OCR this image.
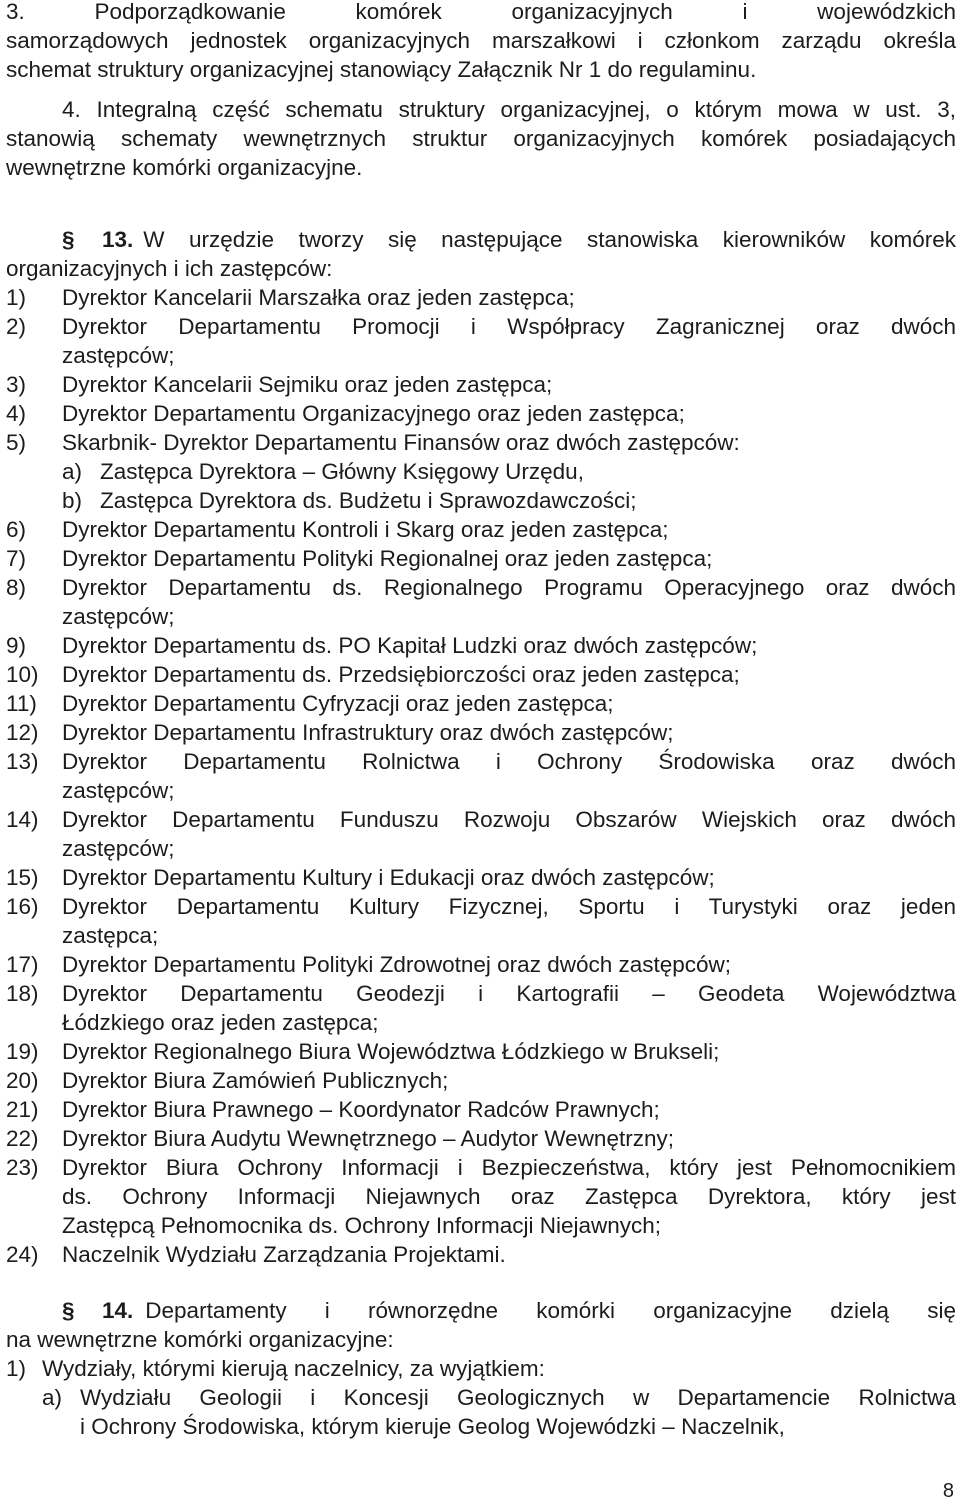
3. Podporządkowanie komórek organizacyjnych i wojewódzkich
samorządowych jednostek organizacyjnych marszałkowi i członkom zarządu określa
schemat struktury organizacyjnej stanowiący Załącznik Nr 1 do regulaminu.
4. Integralną część schematu struktury organizacyjnej, o którym mowa w ust. 3,
stanowią schematy wewnętrznych struktur organizacyjnych komórek posiadających
wewnętrzne komórki organizacyjne.
§	13. W urzędzie tworzy się następujące stanowiska kierowników komórek
organizacyjnych i ich zastępców:
1) Dyrektor Kancelarii Marszałka oraz jeden zastępca;
2)	Dyrektor Departamentu Promocji i Współpracy Zagranicznej oraz dwóch
zastępców;
3) Dyrektor Kancelarii Sejmiku oraz jeden zastępca;
4) Dyrektor Departamentu Organizacyjnego oraz jeden zastępca;
5) Skarbnik- Dyrektor Departamentu Finansów oraz dwóch zastępców:
a) Zastępca Dyrektora – Główny Księgowy Urzędu,
b) Zastępca Dyrektora ds. Budżetu i Sprawozdawczości;
6) Dyrektor Departamentu Kontroli i Skarg oraz jeden zastępca;
7) Dyrektor Departamentu Polityki Regionalnej oraz jeden zastępca;
8)	Dyrektor Departamentu ds. Regionalnego Programu Operacyjnego oraz dwóch
zastępców;
9) Dyrektor Departamentu ds. PO Kapitał Ludzki oraz dwóch zastępców;
10) Dyrektor Departamentu ds. Przedsiębiorczości oraz jeden zastępca;
11) Dyrektor Departamentu Cyfryzacji oraz jeden zastępca;
12) Dyrektor Departamentu Infrastruktury oraz dwóch zastępców;
13)	Dyrektor Departamentu Rolnictwa i Ochrony Środowiska oraz dwóch
zastępców;
14)	Dyrektor Departamentu Funduszu Rozwoju Obszarów Wiejskich oraz dwóch
zastępców;
15) Dyrektor Departamentu Kultury i Edukacji oraz dwóch zastępców;
16)	Dyrektor Departamentu Kultury Fizycznej, Sportu i Turystyki oraz jeden
zastępca;
17) Dyrektor Departamentu Polityki Zdrowotnej oraz dwóch zastępców;
18)	Dyrektor Departamentu Geodezji i Kartografii – Geodeta Województwa
Łódzkiego oraz jeden zastępca;
19) Dyrektor Regionalnego Biura Województwa Łódzkiego w Brukseli;
20) Dyrektor Biura Zamówień Publicznych;
21) Dyrektor Biura Prawnego – Koordynator Radców Prawnych;
22) Dyrektor Biura Audytu Wewnętrznego – Audytor Wewnętrzny;
23)	Dyrektor Biura Ochrony Informacji i Bezpieczeństwa, który jest Pełnomocnikiem
ds. Ochrony Informacji Niejawnych oraz Zastępca Dyrektora, który jest
Zastępcą Pełnomocnika ds. Ochrony Informacji Niejawnych;
24) Naczelnik Wydziału Zarządzania Projektami.
§	14. Departamenty i równorzędne komórki organizacyjne dzielą się
na wewnętrzne komórki organizacyjne:
1) Wydziały, którymi kierują naczelnicy, za wyjątkiem:
a) Wydziału Geologii i Koncesji Geologicznych w Departamencie Rolnictwa
i Ochrony Środowiska, którym kieruje Geolog Wojewódzki – Naczelnik,
8
